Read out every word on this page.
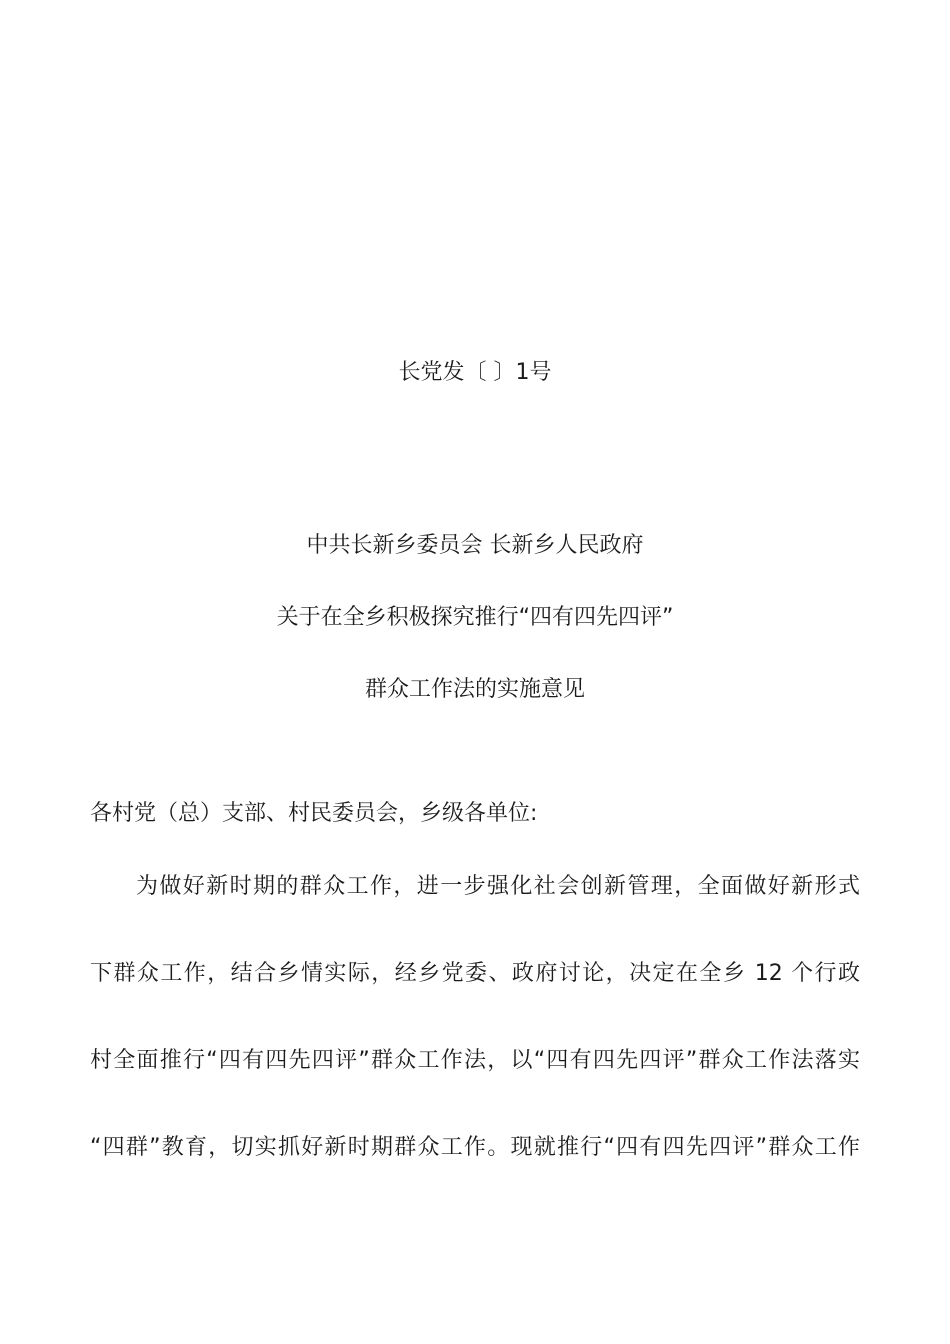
长党发〔 〕1号
中共长新乡委员会 长新乡人民政府
关于在全乡积极探究推行“四有四先四评”
群众工作法的实施意见
各村党（总）支部、村民委员会，乡级各单位:
为做好新时期的群众工作，进一步强化社会创新管理，全面做好新形式
下群众工作，结合乡情实际，经乡党委、政府讨论，决定在全乡 12 个行政
村全面推行“四有四先四评”群众工作法，以“四有四先四评”群众工作法落实
“四群”教育，切实抓好新时期群众工作。现就推行“四有四先四评”群众工作
